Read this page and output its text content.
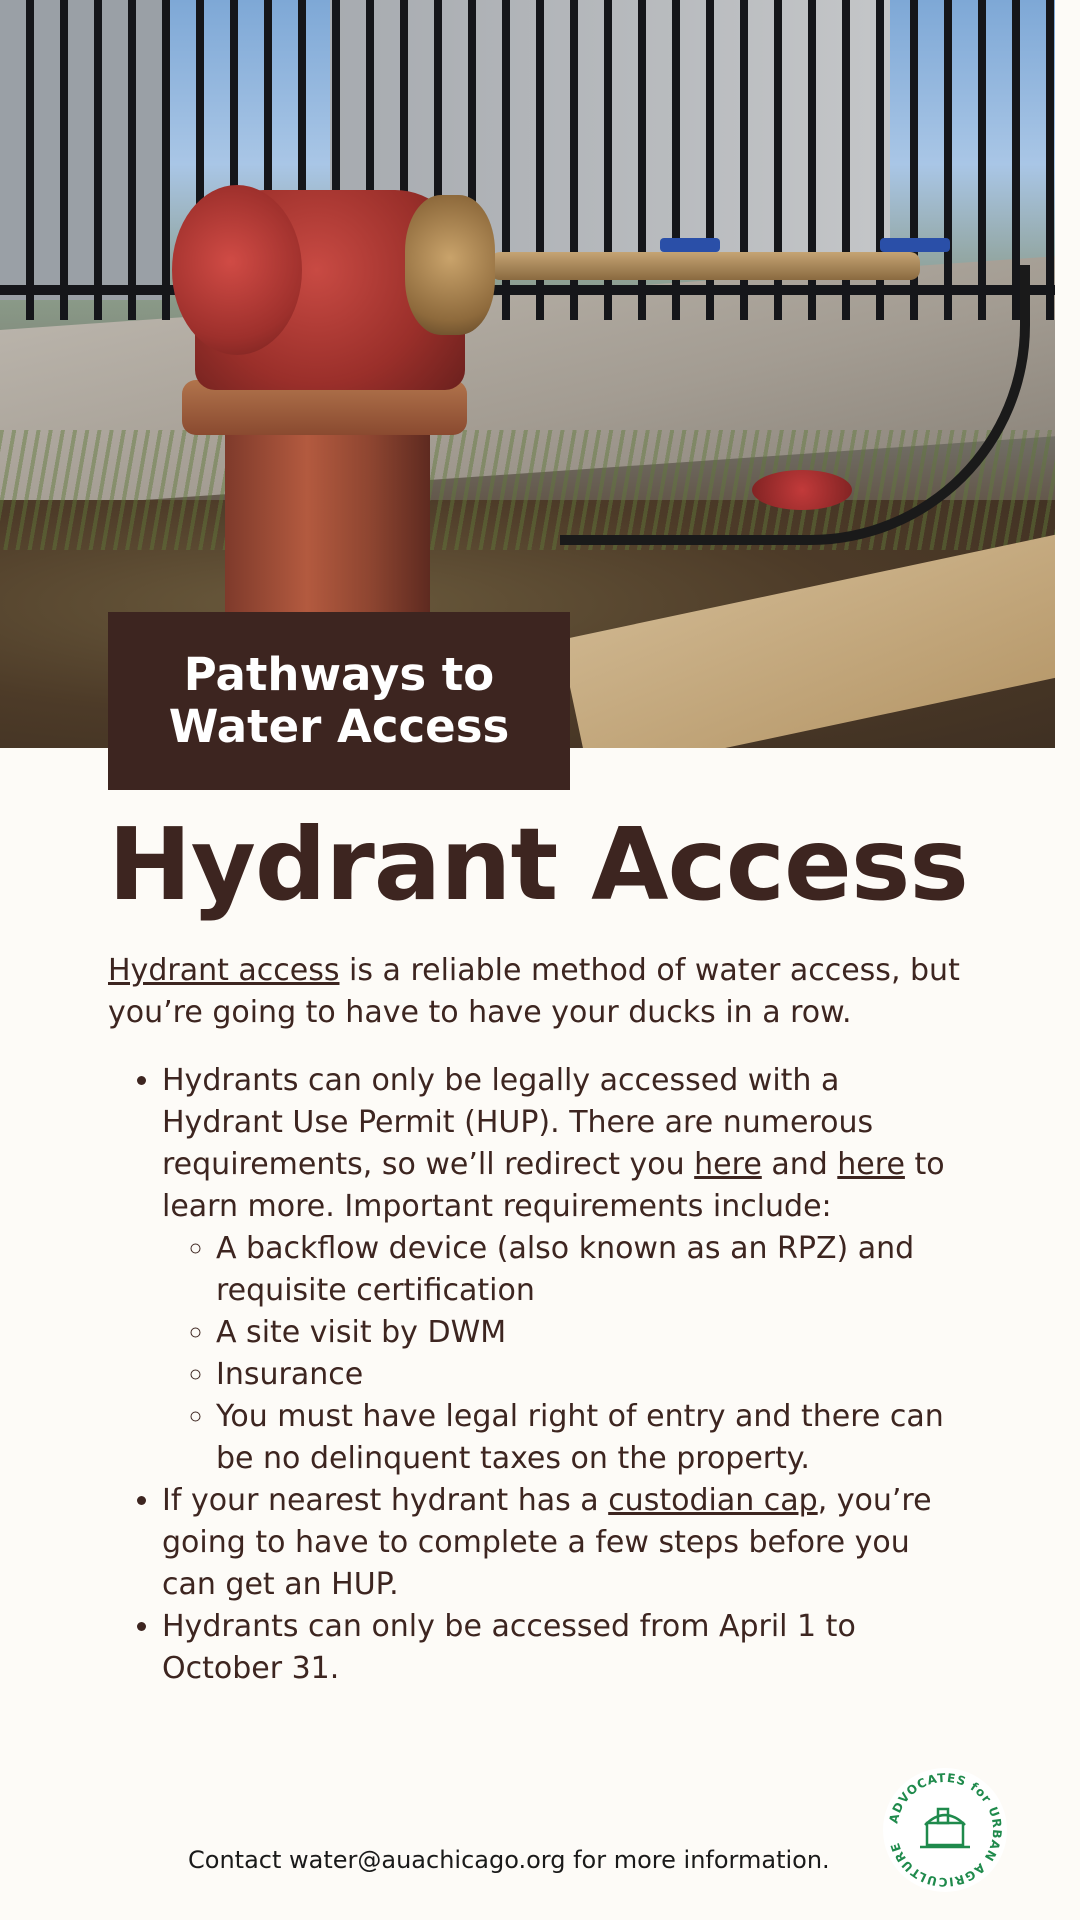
Pathways to
Water Access
Hydrant Access

Hydrant access is a reliable method of water access, but you’re going to have to have your ducks in a row.

• Hydrants can only be legally accessed with a Hydrant Use Permit (HUP). There are numerous requirements, so we’ll redirect you here and here to learn more. Important requirements include:
◦ A backflow device (also known as an RPZ) and requisite certification
◦ A site visit by DWM
◦ Insurance
◦ You must have legal right of entry and there can be no delinquent taxes on the property.
• If your nearest hydrant has a custodian cap, you’re going to have to complete a few steps before you can get an HUP.
• Hydrants can only be accessed from April 1 to October 31.
Contact water@auachicago.org for more information.
ADVOCATES for URBAN AGRICULTURE
